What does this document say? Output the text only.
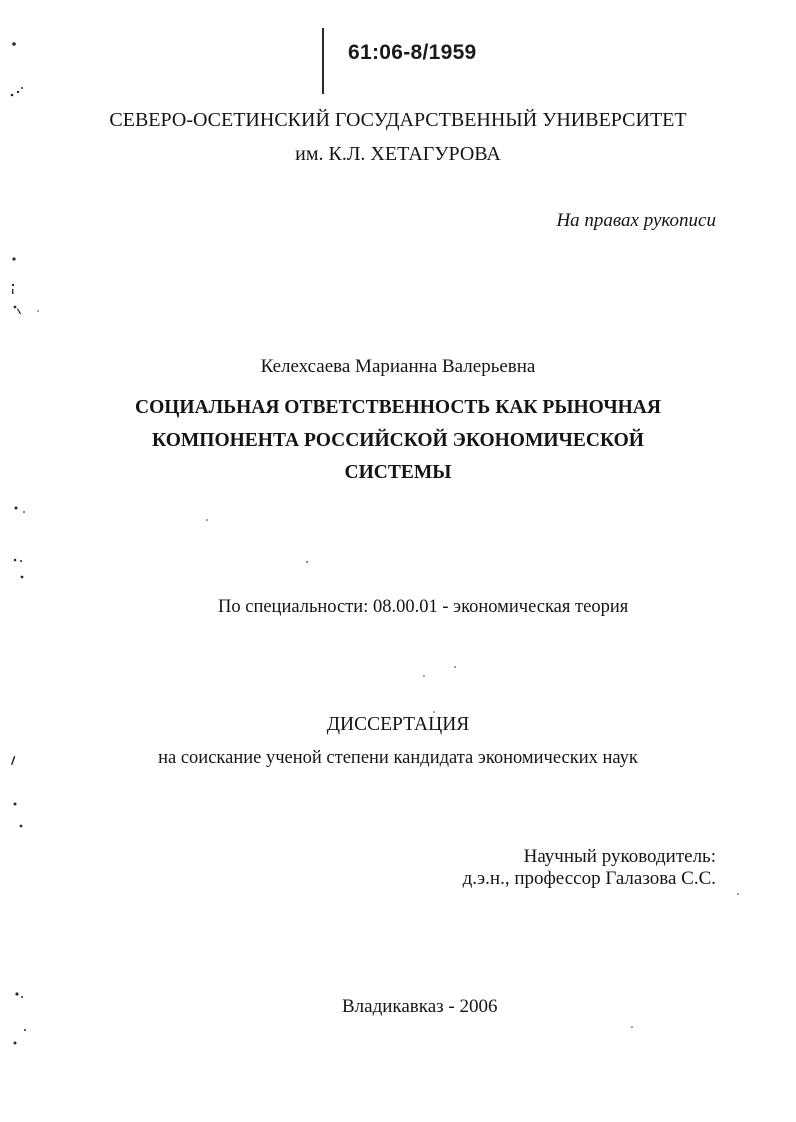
61:06-8/1959

СЕВЕРО-ОСЕТИНСКИЙ ГОСУДАРСТВЕННЫЙ УНИВЕРСИТЕТ

им. К.Л. ХЕТАГУРОВА

На правах рукописи

Келехсаева Марианна Валерьевна

СОЦИАЛЬНАЯ ОТВЕТСТВЕННОСТЬ КАК РЫНОЧНАЯ

КОМПОНЕНТА РОССИЙСКОЙ ЭКОНОМИЧЕСКОЙ

СИСТЕМЫ

По специальности: 08.00.01 - экономическая теория

ДИССЕРТАЦИЯ

на соискание ученой степени кандидата экономических наук

Научный руководитель:

д.э.н., профессор Галазова С.С.

Владикавказ - 2006
